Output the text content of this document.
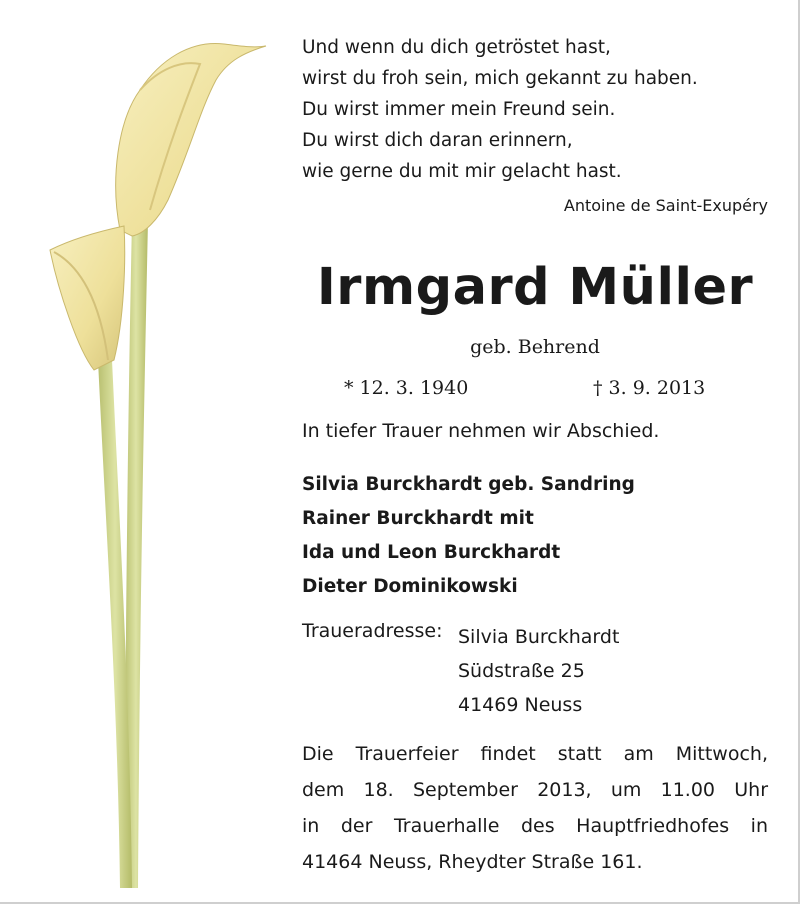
Und wenn du dich getröstet hast,
wirst du froh sein, mich gekannt zu haben.
Du wirst immer mein Freund sein.
Du wirst dich daran erinnern,
wie gerne du mit mir gelacht hast.
Antoine de Saint-Exupéry
Irmgard Müller
geb. Behrend
* 12. 3. 1940	† 3. 9. 2013
In tiefer Trauer nehmen wir Abschied.
Silvia Burckhardt geb. Sandring
Rainer Burckhardt mit
Ida und Leon Burckhardt
Dieter Dominikowski
Traueradresse: Silvia Burckhardt
Südstraße 25
41469 Neuss
Die Trauerfeier findet statt am Mittwoch,
dem 18. September 2013, um 11.00 Uhr
in der Trauerhalle des Hauptfriedhofes in
41464 Neuss, Rheydter Straße 161.
